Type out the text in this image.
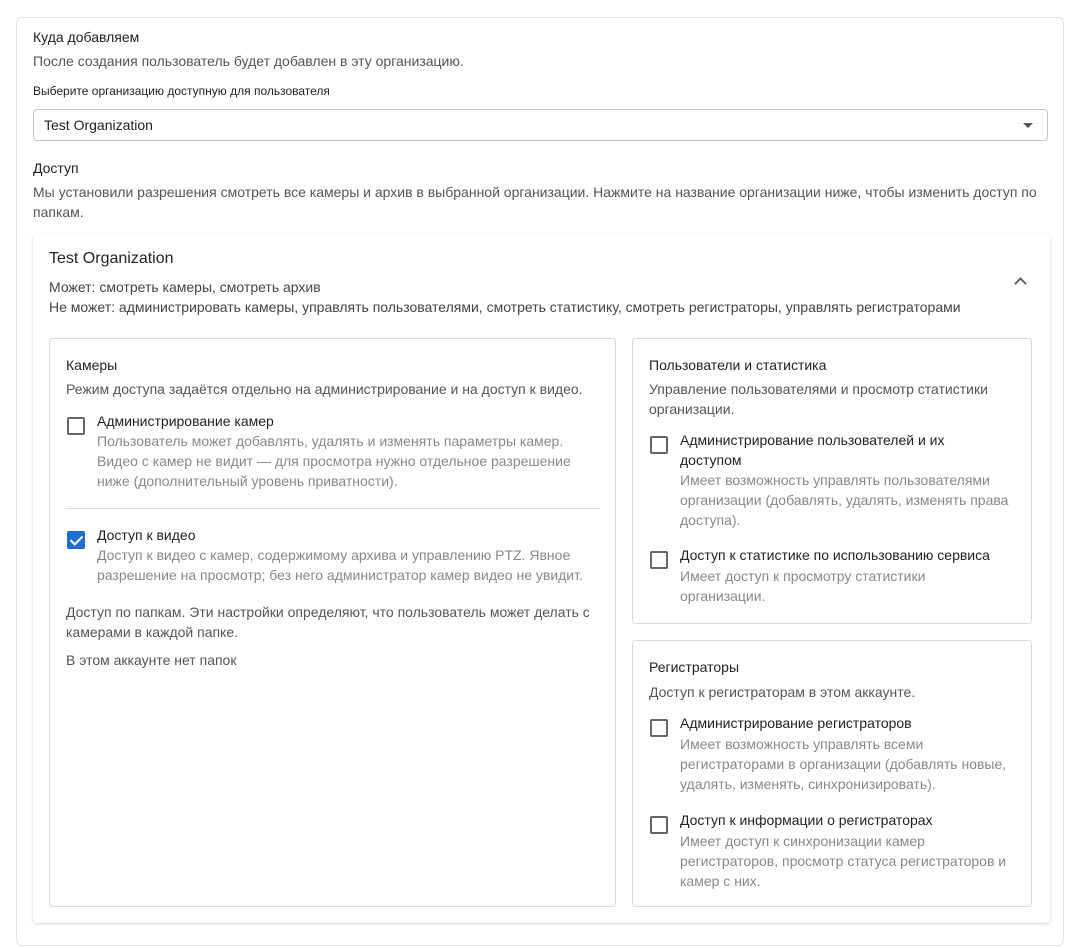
Куда добавляем
После создания пользователь будет добавлен в эту организацию.
Выберите организацию доступную для пользователя
Test Organization
Доступ
Мы установили разрешения смотреть все камеры и архив в выбранной организации. Нажмите на название организации ниже, чтобы изменить доступ по папкам.
Test Organization
Может: смотреть камеры, смотреть архив
Не может: администрировать камеры, управлять пользователями, смотреть статистику, смотреть регистраторы, управлять регистраторами
Камеры
Режим доступа задаётся отдельно на администрирование и на доступ к видео.
Администрирование камер
Пользователь может добавлять, удалять и изменять параметры камер. Видео с камер не видит — для просмотра нужно отдельное разрешение ниже (дополнительный уровень приватности).
Доступ к видео
Доступ к видео с камер, содержимому архива и управлению PTZ. Явное разрешение на просмотр; без него администратор камер видео не увидит.
Доступ по папкам. Эти настройки определяют, что пользователь может делать с камерами в каждой папке.
В этом аккаунте нет папок
Пользователи и статистика
Управление пользователями и просмотр статистики организации.
Администрирование пользователей и их доступом
Имеет возможность управлять пользователями организации (добавлять, удалять, изменять права доступа).
Доступ к статистике по использованию сервиса
Имеет доступ к просмотру статистики организации.
Регистраторы
Доступ к регистраторам в этом аккаунте.
Администрирование регистраторов
Имеет возможность управлять всеми регистраторами в организации (добавлять новые, удалять, изменять, синхронизировать).
Доступ к информации о регистраторах
Имеет доступ к синхронизации камер регистраторов, просмотр статуса регистраторов и камер с них.
